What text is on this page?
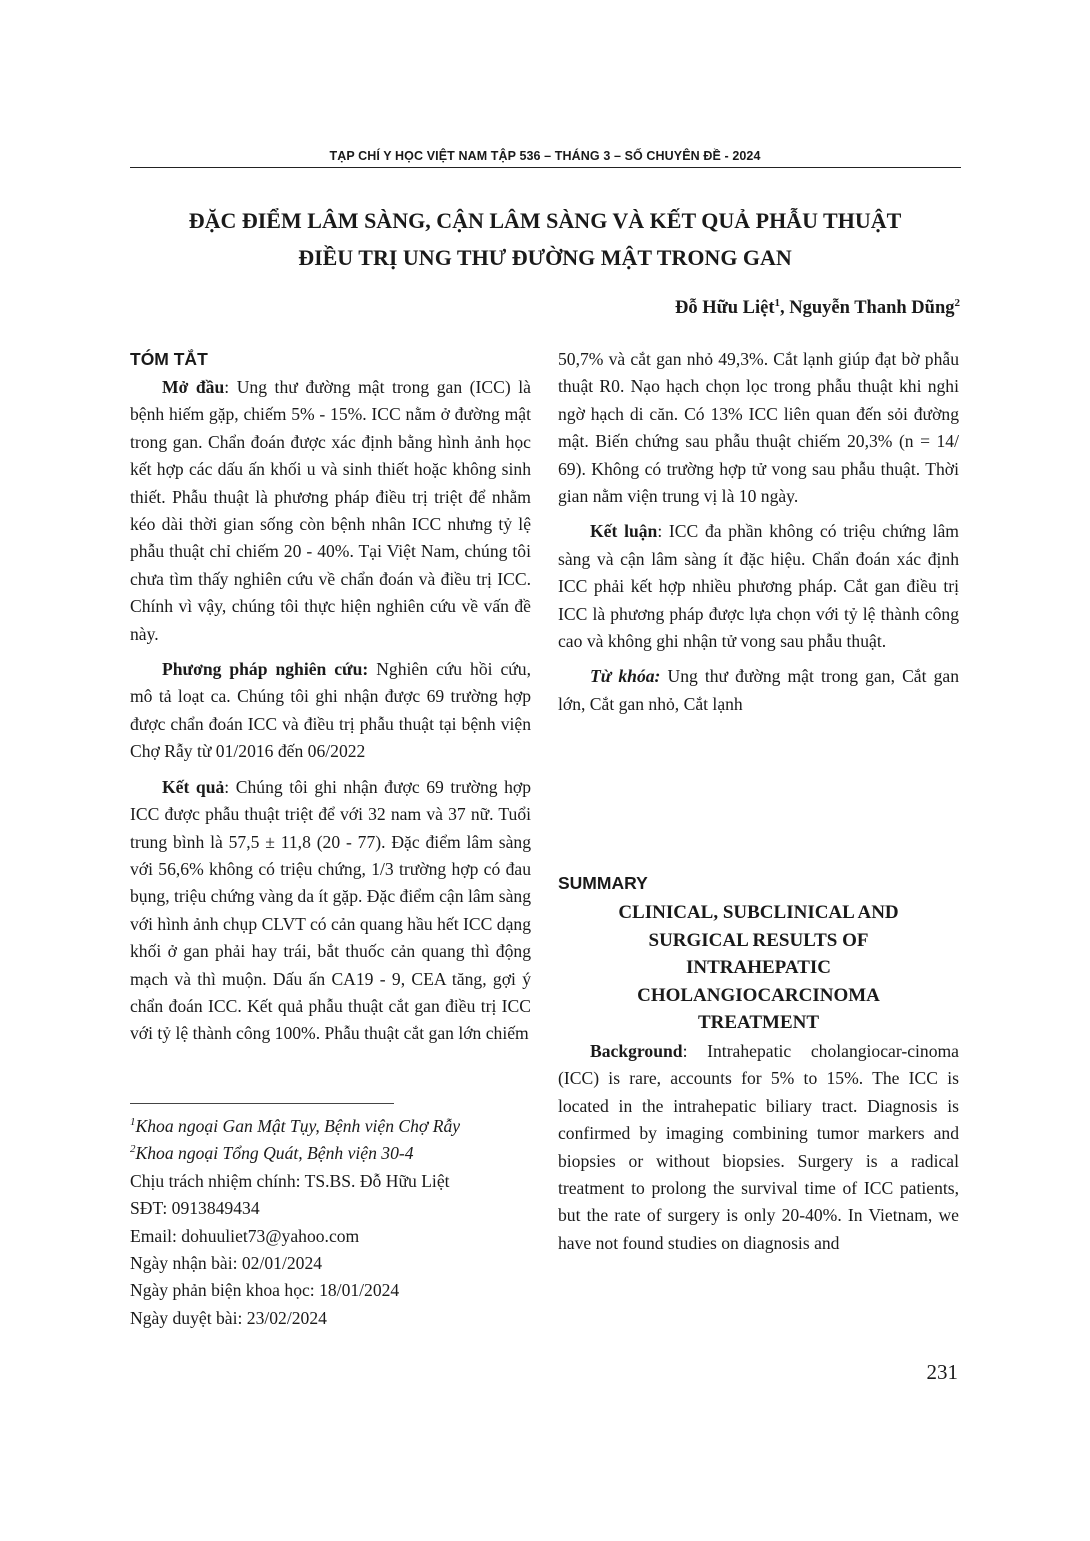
TẠP CHÍ Y HỌC VIỆT NAM TẬP 536 – THÁNG 3 – SỐ CHUYÊN ĐỀ - 2024
ĐẶC ĐIỂM LÂM SÀNG, CẬN LÂM SÀNG VÀ KẾT QUẢ PHẪU THUẬT
ĐIỀU TRỊ UNG THƯ ĐƯỜNG MẬT TRONG GAN
Đỗ Hữu Liệt$^1$, Nguyễn Thanh Dũng$^2$
TÓM TẮT

Mở đầu: Ung thư đường mật trong gan (ICC) là bệnh hiếm gặp, chiếm 5% - 15%. ICC nằm ở đường mật trong gan. Chẩn đoán được xác định bằng hình ảnh học kết hợp các dấu ấn khối u và sinh thiết hoặc không sinh thiết. Phẫu thuật là phương pháp điều trị triệt để nhằm kéo dài thời gian sống còn bệnh nhân ICC nhưng tỷ lệ phẫu thuật chỉ chiếm 20 - 40%. Tại Việt Nam, chúng tôi chưa tìm thấy nghiên cứu về chẩn đoán và điều trị ICC. Chính vì vậy, chúng tôi thực hiện nghiên cứu về vấn đề này.

Phương pháp nghiên cứu: Nghiên cứu hồi cứu, mô tả loạt ca. Chúng tôi ghi nhận được 69 trường hợp được chẩn đoán ICC và điều trị phẫu thuật tại bệnh viện Chợ Rẫy từ 01/2016 đến 06/2022

Kết quả: Chúng tôi ghi nhận được 69 trường hợp ICC được phẫu thuật triệt để với 32 nam và 37 nữ. Tuổi trung bình là 57,5 ± 11,8 (20 - 77). Đặc điểm lâm sàng với 56,6% không có triệu chứng, 1/3 trường hợp có đau bụng, triệu chứng vàng da ít gặp. Đặc điểm cận lâm sàng với hình ảnh chụp CLVT có cản quang hầu hết ICC dạng khối ở gan phải hay trái, bắt thuốc cản quang thì động mạch và thì muộn. Dấu ấn CA19 - 9, CEA tăng, gợi ý chẩn đoán ICC. Kết quả phẫu thuật cắt gan điều trị ICC với tỷ lệ thành công 100%. Phẫu thuật cắt gan lớn chiếm

50,7% và cắt gan nhỏ 49,3%. Cắt lạnh giúp đạt bờ phẫu thuật R0. Nạo hạch chọn lọc trong phẫu thuật khi nghi ngờ hạch di căn. Có 13% ICC liên quan đến sỏi đường mật. Biến chứng sau phẫu thuật chiếm 20,3% (n = 14/ 69). Không có trường hợp tử vong sau phẫu thuật. Thời gian nằm viện trung vị là 10 ngày.

Kết luận: ICC đa phần không có triệu chứng lâm sàng và cận lâm sàng ít đặc hiệu. Chẩn đoán xác định ICC phải kết hợp nhiều phương pháp. Cắt gan điều trị ICC là phương pháp được lựa chọn với tỷ lệ thành công cao và không ghi nhận tử vong sau phẫu thuật.

Từ khóa: Ung thư đường mật trong gan, Cắt gan lớn, Cắt gan nhỏ, Cắt lạnh

SUMMARY
CLINICAL, SUBCLINICAL AND
SURGICAL RESULTS OF
INTRAHEPATIC
CHOLANGIOCARCINOMA
TREATMENT

Background: Intrahepatic cholangiocar-cinoma (ICC) is rare, accounts for 5% to 15%. The ICC is located in the intrahepatic biliary tract. Diagnosis is confirmed by imaging combining tumor markers and biopsies or without biopsies. Surgery is a radical treatment to prolong the survival time of ICC patients, but the rate of surgery is only 20-40%. In Vietnam, we have not found studies on diagnosis and

$^1$Khoa ngoại Gan Mật Tụy, Bệnh viện Chợ Rẫy
$^2$Khoa ngoại Tổng Quát, Bệnh viện 30-4
Chịu trách nhiệm chính: TS.BS. Đỗ Hữu Liệt
SĐT: 0913849434
Email: dohuuliet73@yahoo.com
Ngày nhận bài: 02/01/2024
Ngày phản biện khoa học: 18/01/2024
Ngày duyệt bài: 23/02/2024
231
